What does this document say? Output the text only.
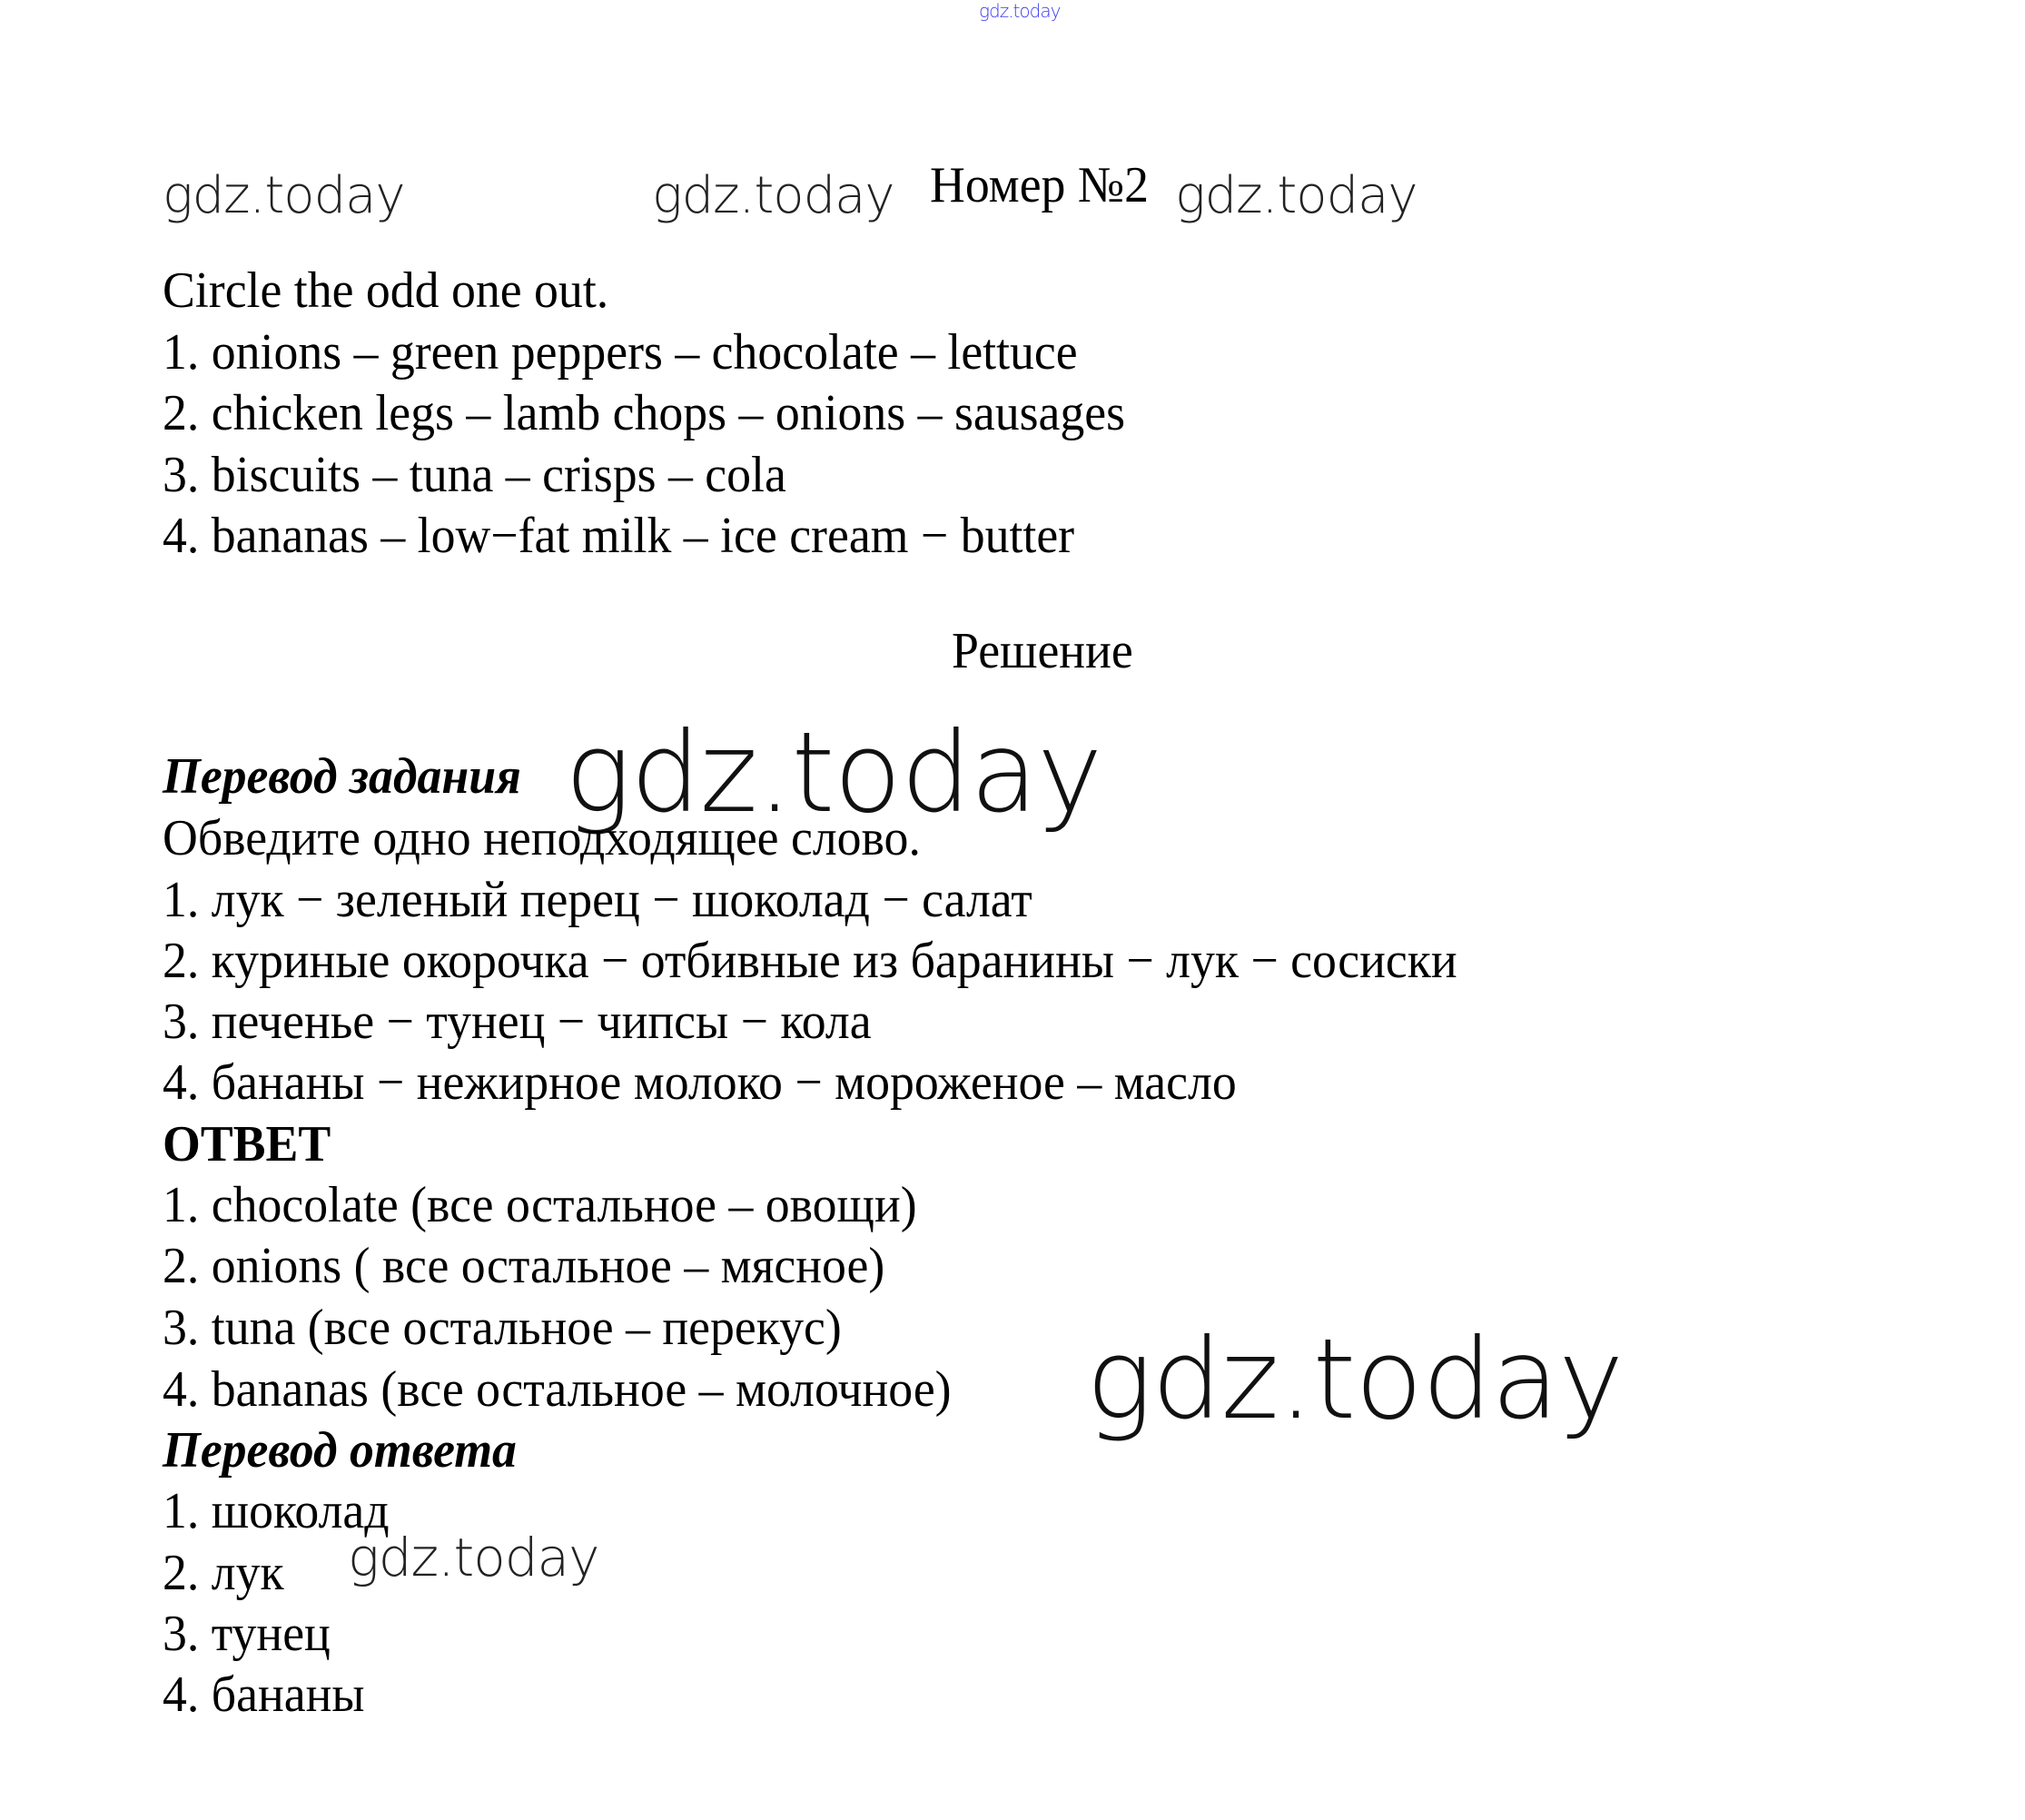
gdz.today
gdz.today	gdz.today Номер №2 gdz.today
Circle the odd one out.
1. onions – green peppers – chocolate – lettuce
2. chicken legs – lamb chops – onions – sausages
3. biscuits – tuna – crisps – cola
4. bananas – low−fat milk – ice cream − butter
Решение
Перевод задания gdz.today
Обведите одно неподходящее слово.
1. лук − зеленый перец − шоколад − салат
2. куриные окорочка − отбивные из баранины − лук − сосиски
3. печенье − тунец − чипсы − кола
4. бананы − нежирное молоко − мороженое – масло
ОТВЕТ
1. chocolate (все остальное – овощи)
2. onions ( все остальное – мясное)
3. tuna (все остальное – перекус)
4. bananas (все остальное – молочное) gdz.today
Перевод ответа
1. шоколад
2. лук gdz.today
3. тунец
4. бананы
